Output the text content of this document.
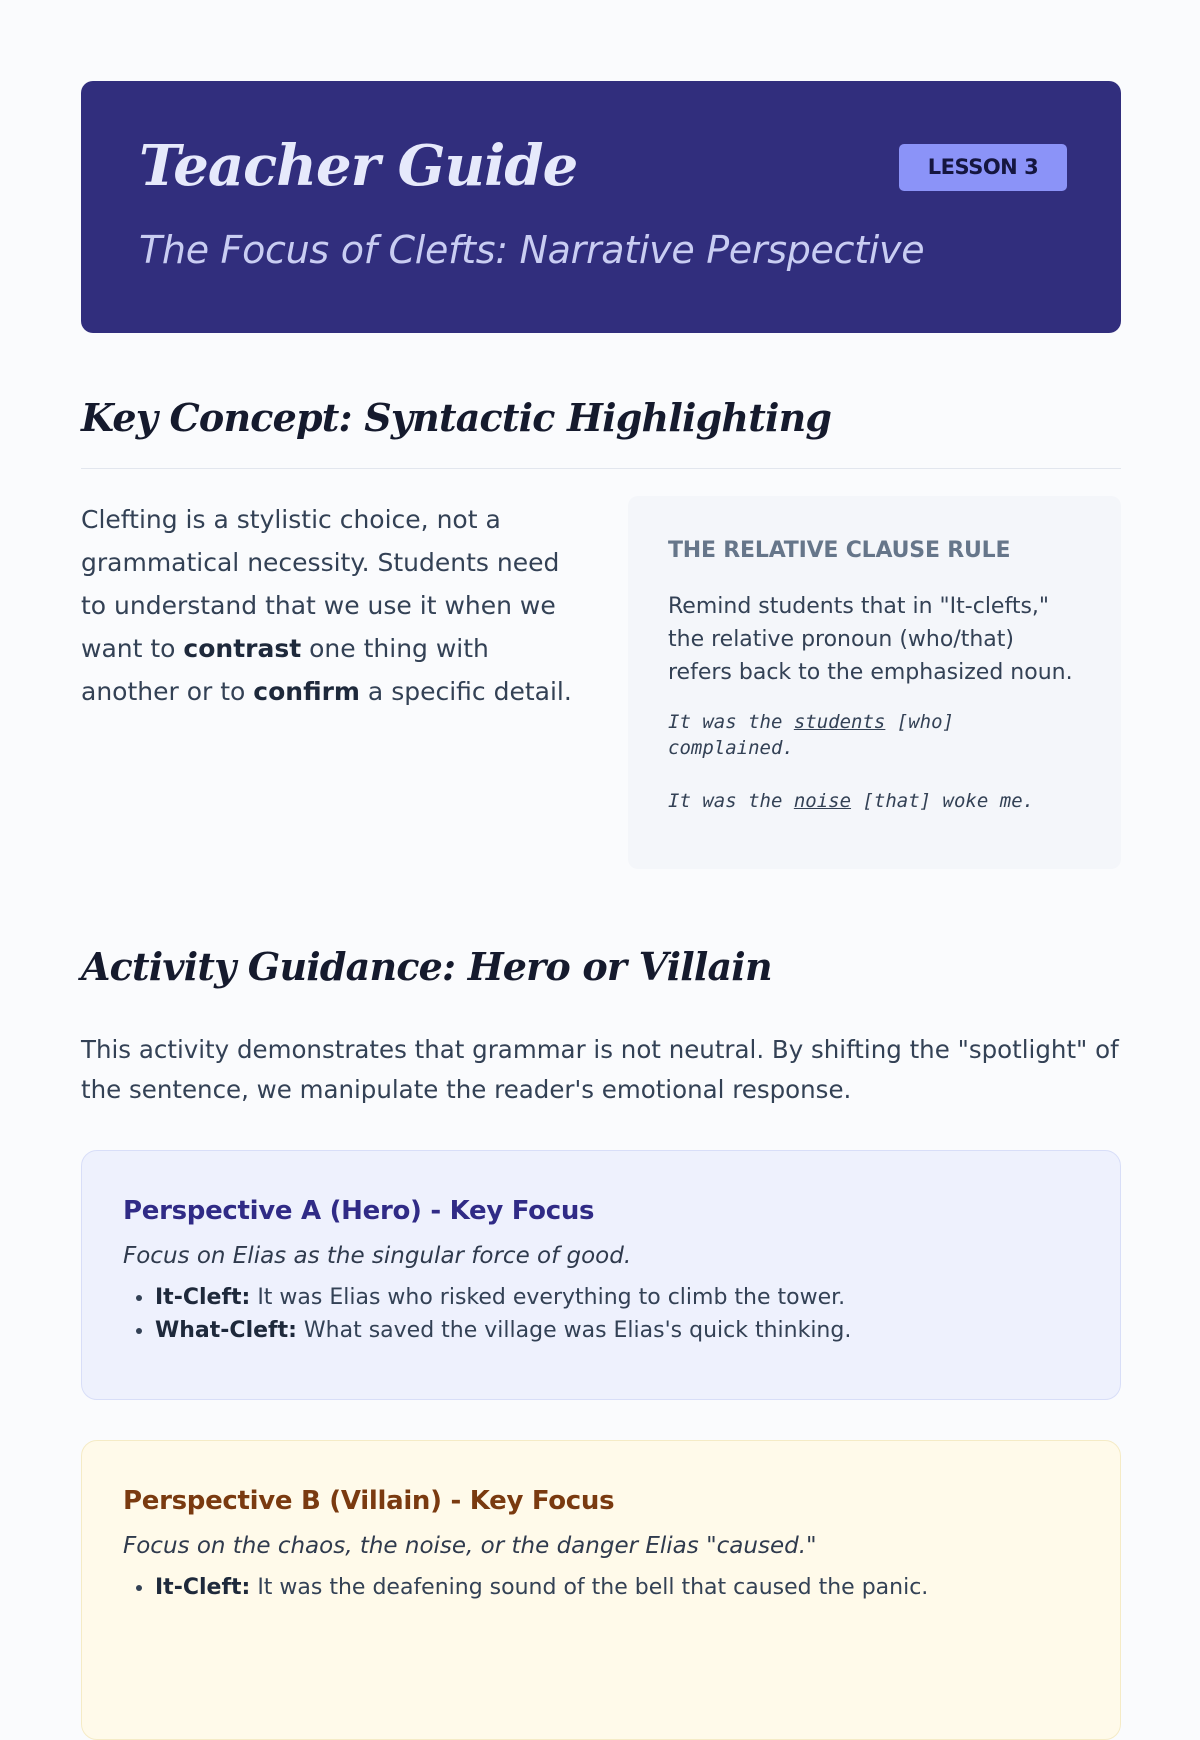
Teacher Guide	LESSON 3
The Focus of Clefts: Narrative Perspective
Key Concept: Syntactic Highlighting

Clefting is a stylistic choice, not a grammatical necessity. Students need to understand that we use it when we want to contrast one thing with another or to confirm a specific detail.

THE RELATIVE CLAUSE RULE

Remind students that in "It-clefts," the relative pronoun (who/that) refers back to the emphasized noun.

It was the students [who] complained.

It was the noise [that] woke me.

Activity Guidance: Hero or Villain

This activity demonstrates that grammar is not neutral. By shifting the "spotlight" of the sentence, we manipulate the reader's emotional response.

Perspective A (Hero) - Key Focus

Focus on Elias as the singular force of good.

• It-Cleft: It was Elias who risked everything to climb the tower.
• What-Cleft: What saved the village was Elias's quick thinking.
Perspective B (Villain) - Key Focus

Focus on the chaos, the noise, or the danger Elias "caused."

• It-Cleft: It was the deafening sound of the bell that caused the panic.
